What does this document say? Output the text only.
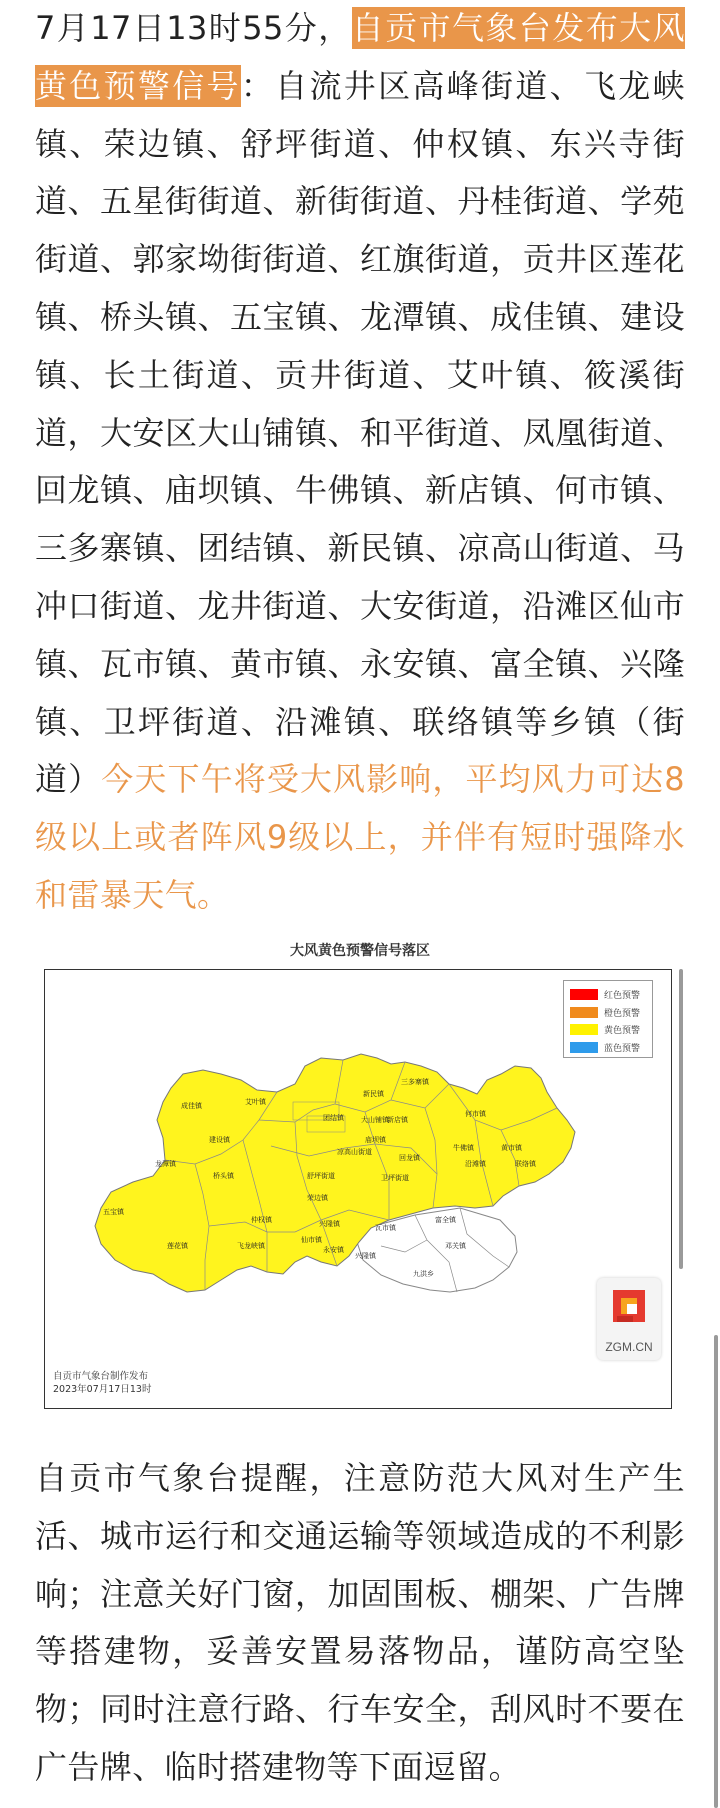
7月17日13时55分，自贡市气象台发布大风黄色预警信号：自流井区高峰街道、飞龙峡镇、荣边镇、舒坪街道、仲权镇、东兴寺街道、五星街街道、新街街道、丹桂街道、学苑街道、郭家坳街街道、红旗街道，贡井区莲花镇、桥头镇、五宝镇、龙潭镇、成佳镇、建设镇、长土街道、贡井街道、艾叶镇、筱溪街道，大安区大山铺镇、和平街道、凤凰街道、回龙镇、庙坝镇、牛佛镇、新店镇、何市镇、三多寨镇、团结镇、新民镇、凉高山街道、马冲口街道、龙井街道、大安街道，沿滩区仙市镇、瓦市镇、黄市镇、永安镇、富全镇、兴隆镇、卫坪街道、沿滩镇、联络镇等乡镇（街道）今天下午将受大风影响，平均风力可达8级以上或者阵风9级以上，并伴有短时强降水和雷暴天气。

大风黄色预警信号落区
成佳镇	艾叶镇
建设镇
龙潭镇
桥头镇
五宝镇
莲花镇
仲权镇
飞龙峡镇
荣边镇
舒坪街道
团结镇
新民镇
三多寨镇
何市镇
新店镇
牛佛镇
庙坝镇
回龙镇
仙市镇
瓦市镇
黄市镇
永安镇
富全镇
兴隆镇
卫坪街道
沿滩镇	联络镇
九洪乡
邓关镇
兴隆镇
凉高山街道
大山铺镇
红色预警
橙色预警
黄色预警
蓝色预警
自贡市气象台制作发布
2023年07月17日13时
ZGM.CN

自贡市气象台提醒，注意防范大风对生产生活、城市运行和交通运输等领域造成的不利影响；注意关好门窗，加固围板、棚架、广告牌等搭建物，妥善安置易落物品，谨防高空坠物；同时注意行路、行车安全，刮风时不要在广告牌、临时搭建物等下面逗留。
